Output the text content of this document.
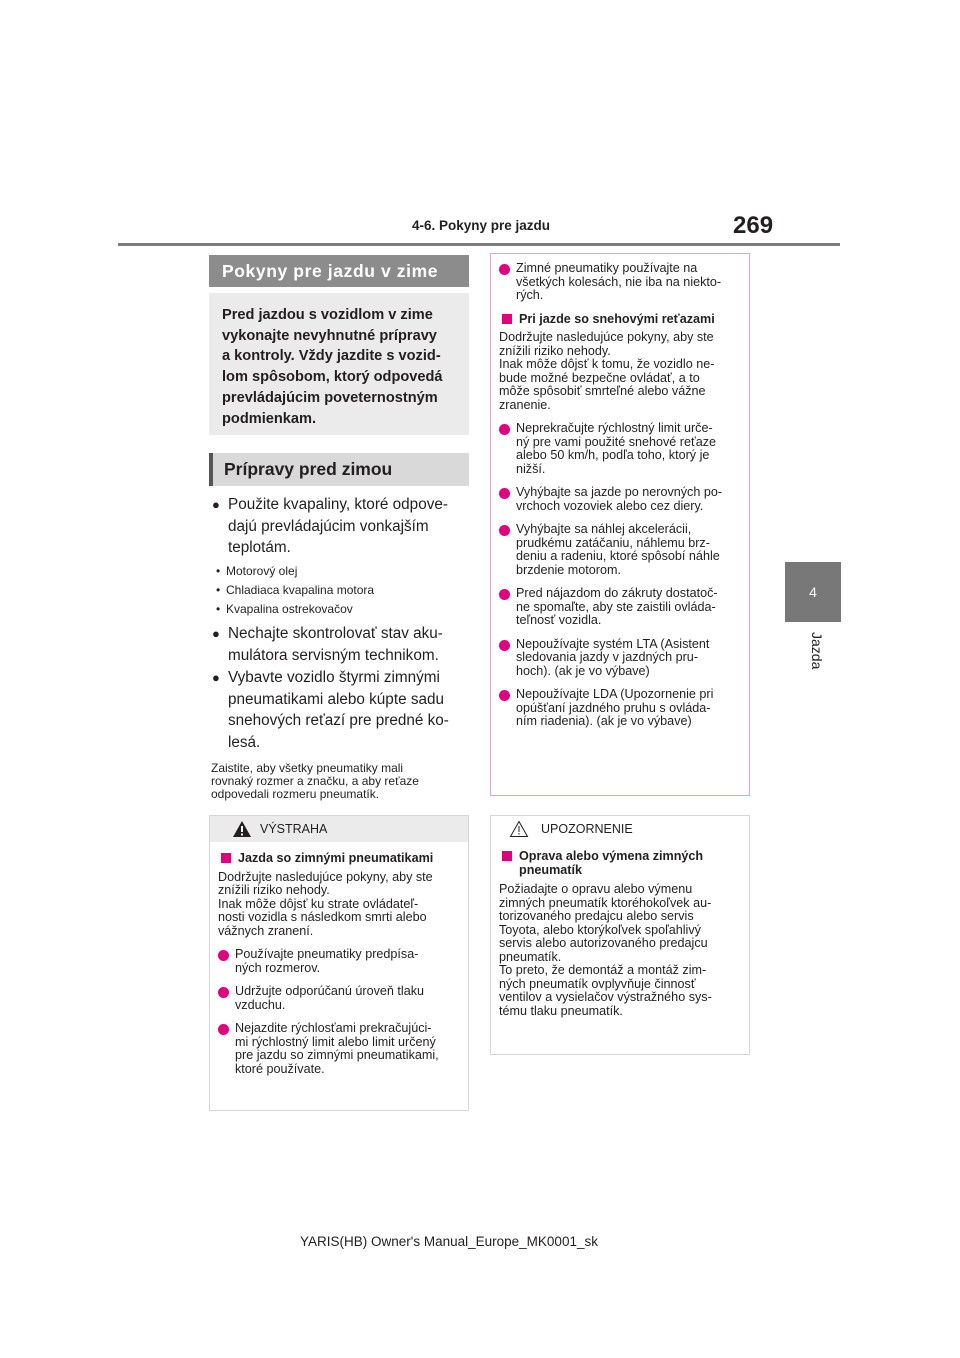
4-6. Pokyny pre jazdu	269
4
Jazda
Pokyny pre jazdu v zime
Pred jazdou s vozidlom v zime
vykonajte nevyhnutné prípravy
a kontroly. Vždy jazdite s vozid-
lom spôsobom, ktorý odpovedá
prevládajúcim poveternostným
podmienkam.
Prípravy pred zimou
● Použite kvapaliny, ktoré odpove-
dajú prevládajúcim vonkajším
teplotám.
• Motorový olej
• Chladiaca kvapalina motora
• Kvapalina ostrekovačov
● Nechajte skontrolovať stav aku-
mulátora servisným technikom.
● Vybavte vozidlo štyrmi zimnými
pneumatikami alebo kúpte sadu
snehových reťazí pre predné ko-
lesá.
Zaistite, aby všetky pneumatiky mali
rovnaký rozmer a značku, a aby reťaze
odpovedali rozmeru pneumatík.
VÝSTRAHA
Jazda so zimnými pneumatikami

Dodržujte nasledujúce pokyny, aby ste
znížili riziko nehody.
Inak môže dôjsť ku strate ovládateľ-
nosti vozidla s následkom smrti alebo
vážnych zranení.

Používajte pneumatiky predpísa-
ných rozmerov.
Udržujte odporúčanú úroveň tlaku
vzduchu.
Nejazdite rýchlosťami prekračujúci-
mi rýchlostný limit alebo limit určený
pre jazdu so zimnými pneumatikami,
ktoré používate.
Zimné pneumatiky používajte na
všetkých kolesách, nie iba na niekto-
rých.
Pri jazde so snehovými reťazami

Dodržujte nasledujúce pokyny, aby ste
znížili riziko nehody.
Inak môže dôjsť k tomu, že vozidlo ne-
bude možné bezpečne ovládať, a to
môže spôsobiť smrteľné alebo vážne
zranenie.

Neprekračujte rýchlostný limit urče-
ný pre vami použité snehové reťaze
alebo 50 km/h, podľa toho, ktorý je
nižší.
Vyhýbajte sa jazde po nerovných po-
vrchoch vozoviek alebo cez diery.
Vyhýbajte sa náhlej akcelerácii,
prudkému zatáčaniu, náhlemu brz-
deniu a radeniu, ktoré spôsobí náhle
brzdenie motorom.
Pred nájazdom do zákruty dostatoč-
ne spomaľte, aby ste zaistili ovláda-
teľnosť vozidla.
Nepoužívajte systém LTA (Asistent
sledovania jazdy v jazdných pru-
hoch). (ak je vo výbave)
Nepoužívajte LDA (Upozornenie pri
opúšťaní jazdného pruhu s ovláda-
ním riadenia). (ak je vo výbave)
UPOZORNENIE
Oprava alebo výmena zimných
pneumatík

Požiadajte o opravu alebo výmenu
zimných pneumatík ktoréhokoľvek au-
torizovaného predajcu alebo servis
Toyota, alebo ktorýkoľvek spoľahlivý
servis alebo autorizovaného predajcu
pneumatík.
To preto, že demontáž a montáž zim-
ných pneumatík ovplyvňuje činnosť
ventilov a vysielačov výstražného sys-
tému tlaku pneumatík.

YARIS(HB) Owner's Manual_Europe_MK0001_sk
